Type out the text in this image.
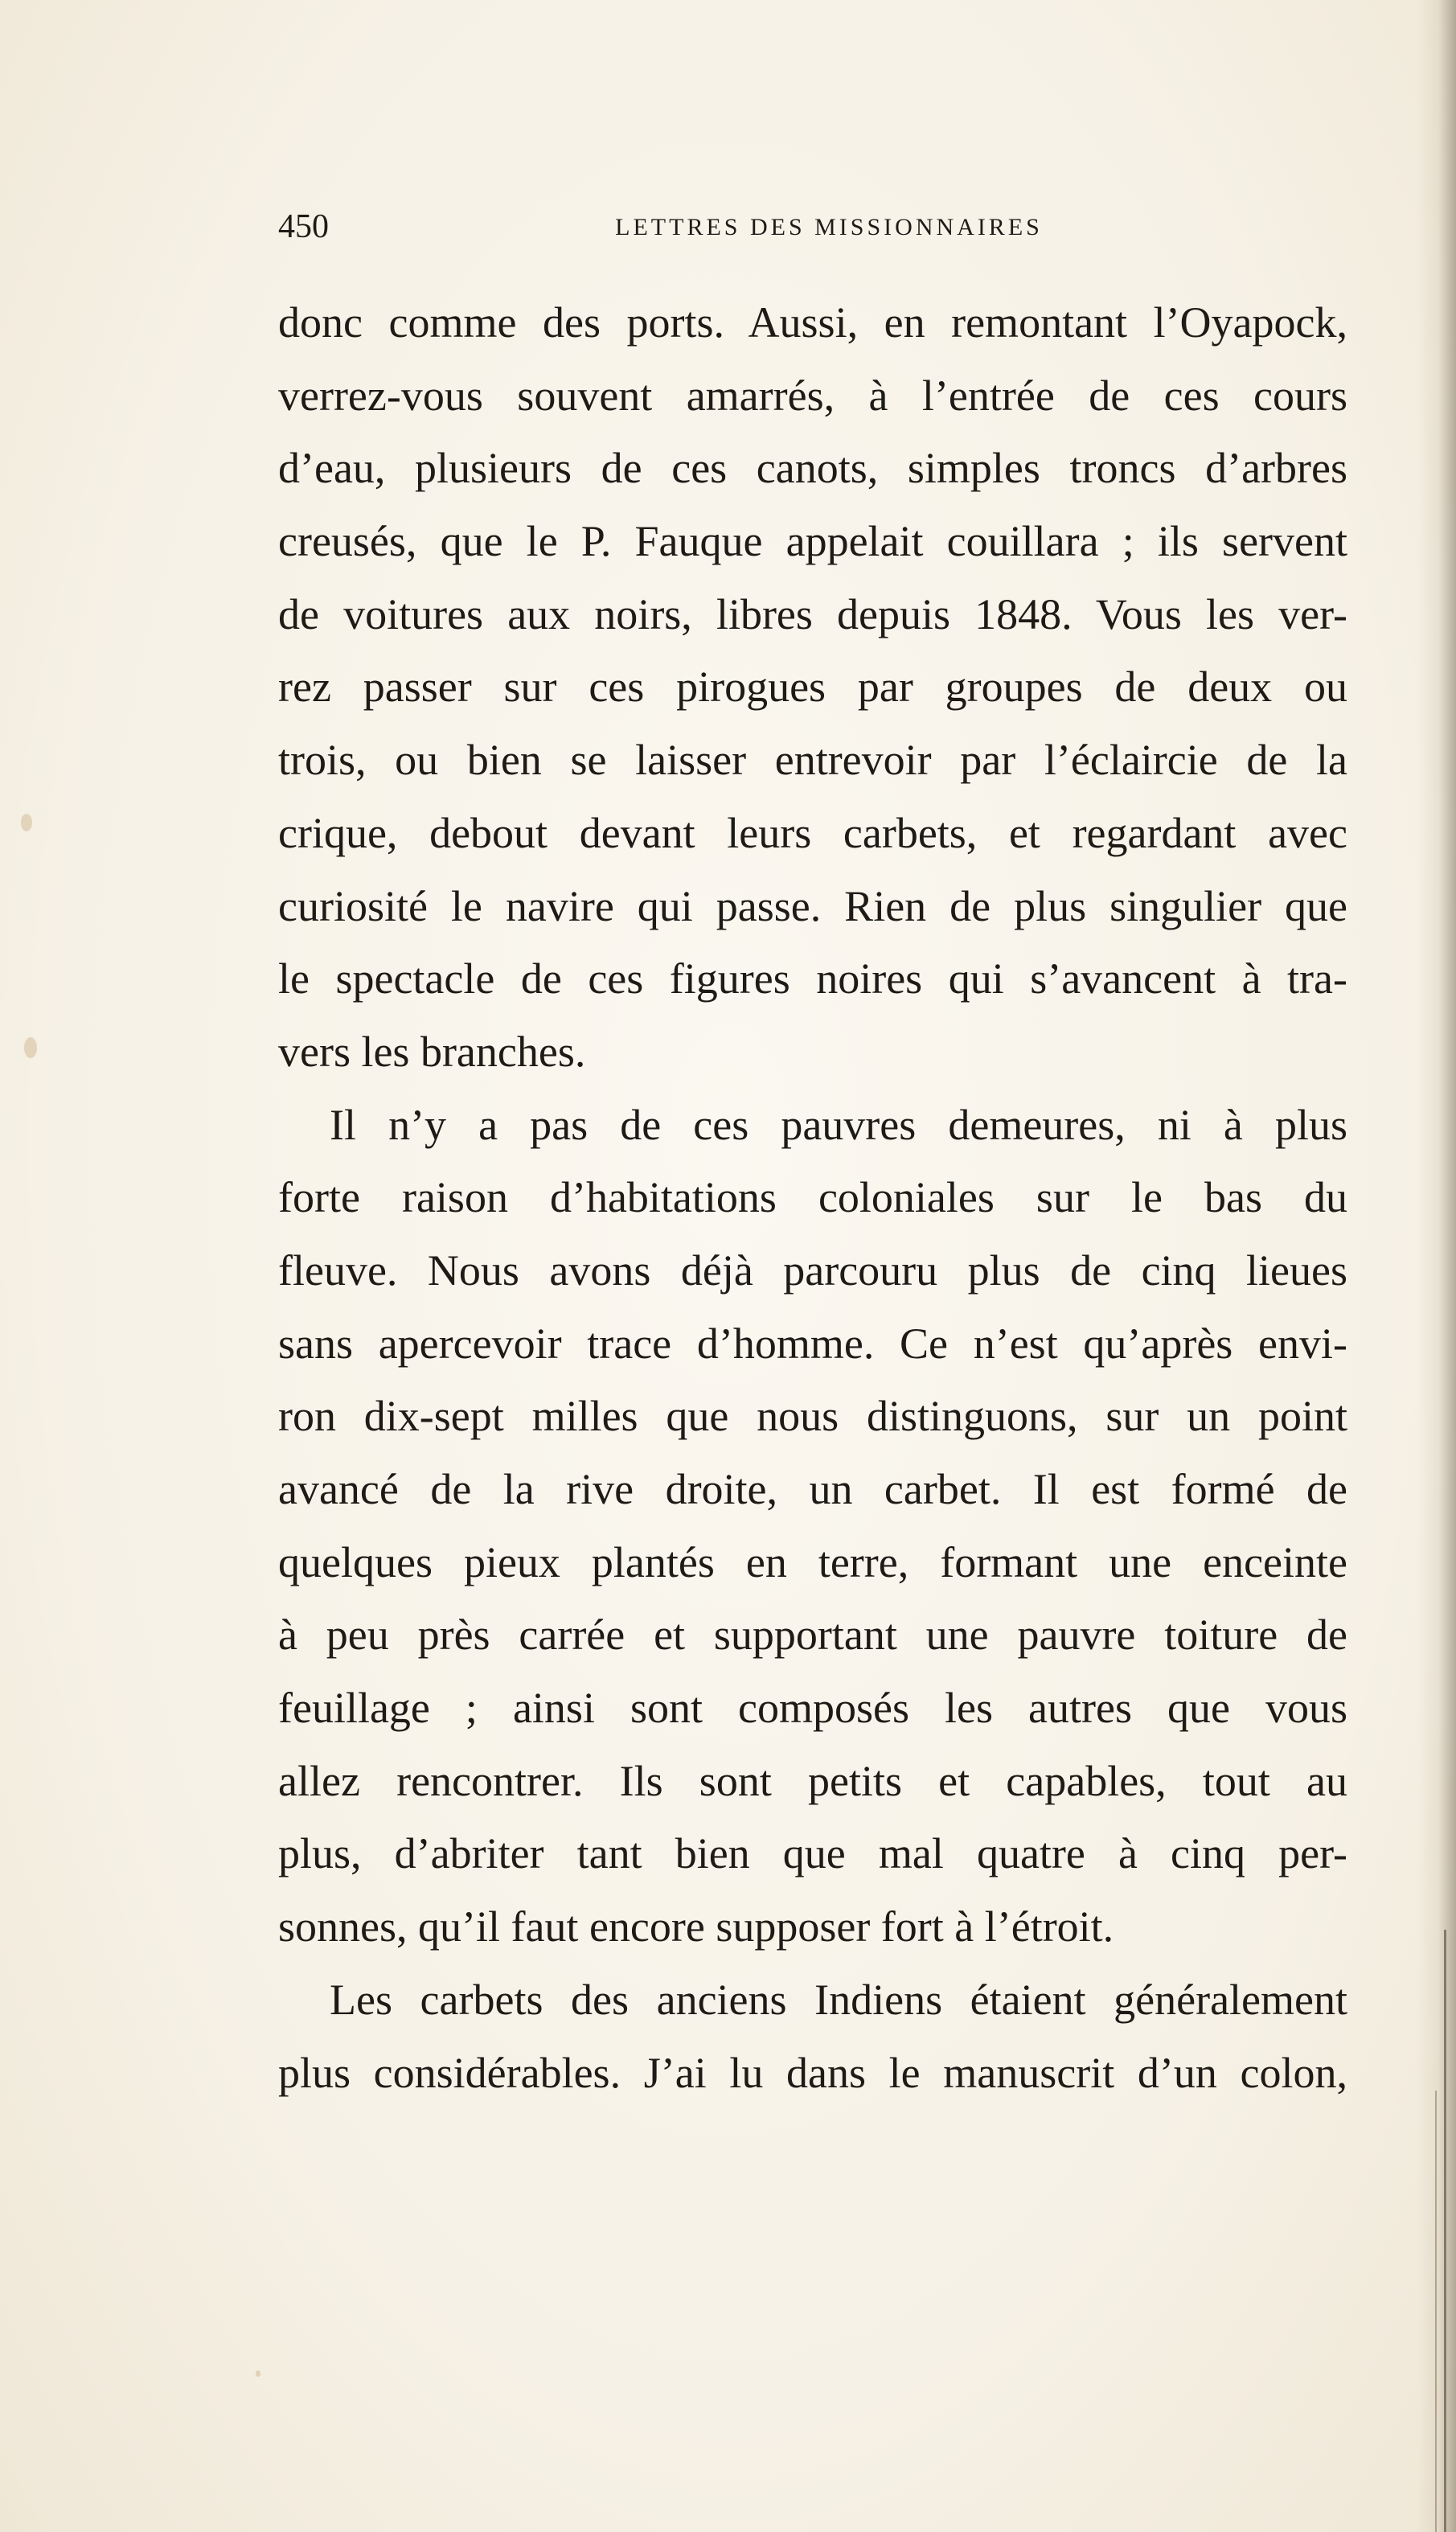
450	LETTRES DES MISSIONNAIRES
donc comme des ports. Aussi, en remontant l’Oyapock,
verrez-vous souvent amarrés, à l’entrée de ces cours
d’eau, plusieurs de ces canots, simples troncs d’arbres
creusés, que le P. Fauque appelait couillara ; ils servent
de voitures aux noirs, libres depuis 1848. Vous les ver-
rez passer sur ces pirogues par groupes de deux ou
trois, ou bien se laisser entrevoir par l’éclaircie de la
crique, debout devant leurs carbets, et regardant avec
curiosité le navire qui passe. Rien de plus singulier que
le spectacle de ces figures noires qui s’avancent à tra-
vers les branches.
Il n’y a pas de ces pauvres demeures, ni à plus
forte raison d’habitations coloniales sur le bas du
fleuve. Nous avons déjà parcouru plus de cinq lieues
sans apercevoir trace d’homme. Ce n’est qu’après envi-
ron dix-sept milles que nous distinguons, sur un point
avancé de la rive droite, un carbet. Il est formé de
quelques pieux plantés en terre, formant une enceinte
à peu près carrée et supportant une pauvre toiture de
feuillage ; ainsi sont composés les autres que vous
allez rencontrer. Ils sont petits et capables, tout au
plus, d’abriter tant bien que mal quatre à cinq per-
sonnes, qu’il faut encore supposer fort à l’étroit.
Les carbets des anciens Indiens étaient généralement
plus considérables. J’ai lu dans le manuscrit d’un colon,
